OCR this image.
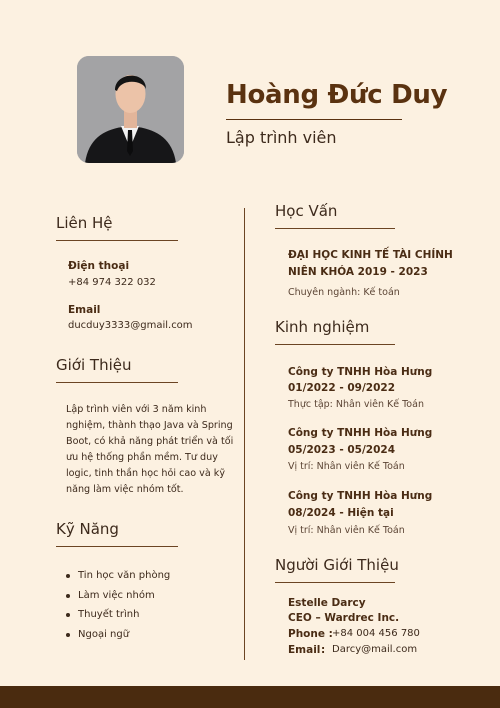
Hoàng Đức Duy
Lập trình viên
Liên Hệ
Điện thoại
+84 974 322 032
Email
ducduy3333@gmail.com
Giới Thiệu
Lập trình viên với 3 năm kinh nghiệm, thành thạo Java và Spring Boot, có khả năng phát triển và tối ưu hệ thống phần mềm. Tư duy logic, tinh thần học hỏi cao và kỹ năng làm việc nhóm tốt.
Kỹ Năng
Tin học văn phòng
Làm việc nhóm
Thuyết trình
Ngoại ngữ
Học Vấn
ĐẠI HỌC KINH TẾ TÀI CHÍNH
NIÊN KHÓA 2019 - 2023
Chuyên ngành: Kế toán
Kinh nghiệm
Công ty TNHH Hòa Hưng
01/2022 - 09/2022
Thực tập: Nhân viên Kế Toán
Công ty TNHH Hòa Hưng
05/2023 - 05/2024
Vị trí: Nhân viên Kế Toán
Công ty TNHH Hòa Hưng
08/2024 - Hiện tại
Vị trí: Nhân viên Kế Toán
Người Giới Thiệu
Estelle Darcy
CEO – Wardrec Inc.
Phone : +84 004 456 780
Email : Darcy@mail.com
